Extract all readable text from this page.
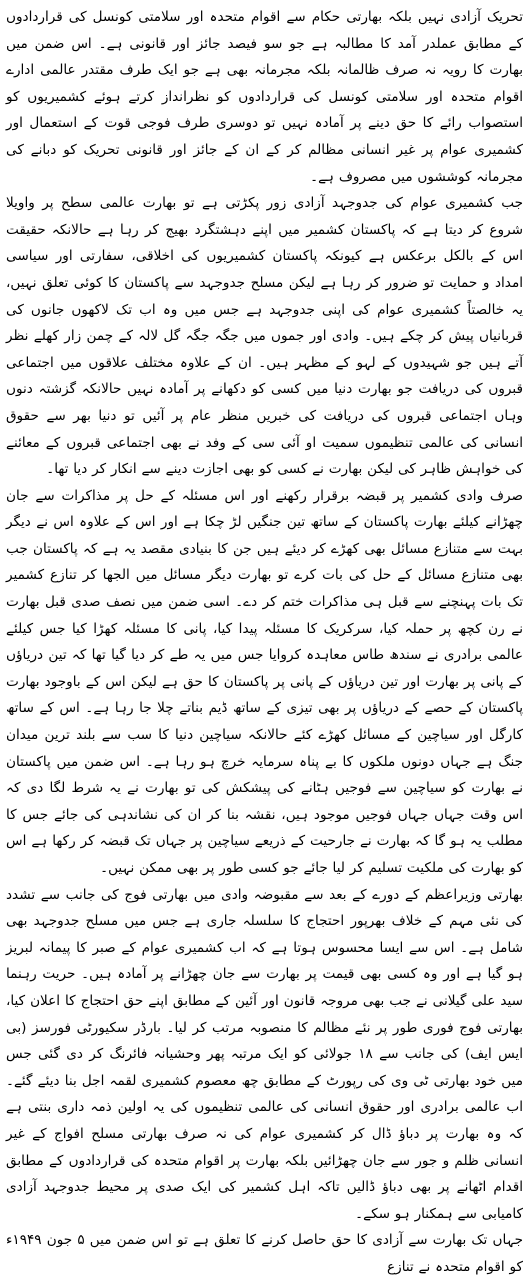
تحریک آزادی نہیں بلکہ بھارتی حکام سے اقوام متحدہ اور سلامتی کونسل کی قراردادوں کے مطابق عملدر آمد کا مطالبہ ہے جو سو فیصد جائز اور قانونی ہے۔ اس ضمن میں بھارت کا رویہ نہ صرف ظالمانہ بلکہ مجرمانہ بھی ہے جو ایک طرف مقتدر عالمی ادارے اقوام متحدہ اور سلامتی کونسل کی قراردادوں کو نظرانداز کرتے ہوئے کشمیریوں کو استصواب رائے کا حق دینے پر آمادہ نہیں تو دوسری طرف فوجی قوت کے استعمال اور کشمیری عوام پر غیر انسانی مظالم کر کے ان کے جائز اور قانونی تحریک کو دبانے کی مجرمانہ کوششوں میں مصروف ہے۔

جب کشمیری عوام کی جدوجہد آزادی زور پکڑتی ہے تو بھارت عالمی سطح پر واویلا شروع کر دیتا ہے کہ پاکستان کشمیر میں اپنے دہشتگرد بھیج کر رہا ہے حالانکہ حقیقت اس کے بالکل برعکس ہے کیونکہ پاکستان کشمیریوں کی اخلاقی، سفارتی اور سیاسی امداد و حمایت تو ضرور کر رہا ہے لیکن مسلح جدوجہد سے پاکستان کا کوئی تعلق نہیں، یہ خالصتاً کشمیری عوام کی اپنی جدوجہد ہے جس میں وہ اب تک لاکھوں جانوں کی قربانیاں پیش کر چکے ہیں۔ وادی اور جموں میں جگہ جگہ گل لالہ کے چمن زار کھلے نظر آتے ہیں جو شہیدوں کے لہو کے مظہر ہیں۔ ان کے علاوہ مختلف علاقوں میں اجتماعی قبروں کی دریافت جو بھارت دنیا میں کسی کو دکھانے پر آمادہ نہیں حالانکہ گزشتہ دنوں وہاں اجتماعی قبروں کی دریافت کی خبریں منظر عام پر آئیں تو دنیا بھر سے حقوق انسانی کی عالمی تنظیموں سمیت او آئی سی کے وفد نے بھی اجتماعی قبروں کے معائنے کی خواہش ظاہر کی لیکن بھارت نے کسی کو بھی اجازت دینے سے انکار کر دیا تھا۔

صرف وادی کشمیر پر قبضہ برقرار رکھنے اور اس مسئلہ کے حل پر مذاکرات سے جان چھڑانے کیلئے بھارت پاکستان کے ساتھ تین جنگیں لڑ چکا ہے اور اس کے علاوہ اس نے دیگر بہت سے متنازع مسائل بھی کھڑے کر دیئے ہیں جن کا بنیادی مقصد یہ ہے کہ پاکستان جب بھی متنازع مسائل کے حل کی بات کرے تو بھارت دیگر مسائل میں الجھا کر تنازع کشمیر تک بات پہنچنے سے قبل ہی مذاکرات ختم کر دے۔ اسی ضمن میں نصف صدی قبل بھارت نے رن کچھ پر حملہ کیا، سرکریک کا مسئلہ پیدا کیا، پانی کا مسئلہ کھڑا کیا جس کیلئے عالمی برادری نے سندھ طاس معاہدہ کروایا جس میں یہ طے کر دیا گیا تھا کہ تین دریاؤں کے پانی پر بھارت اور تین دریاؤں کے پانی پر پاکستان کا حق ہے لیکن اس کے باوجود بھارت پاکستان کے حصے کے دریاؤں پر بھی تیزی کے ساتھ ڈیم بناتے چلا جا رہا ہے۔ اس کے ساتھ کارگل اور سیاچین کے مسائل کھڑے کئے حالانکہ سیاچین دنیا کا سب سے بلند ترین میدان جنگ ہے جہاں دونوں ملکوں کا بے پناہ سرمایہ خرچ ہو رہا ہے۔ اس ضمن میں پاکستان نے بھارت کو سیاچین سے فوجیں ہٹانے کی پیشکش کی تو بھارت نے یہ شرط لگا دی کہ اس وقت جہاں جہاں فوجیں موجود ہیں، نقشہ بنا کر ان کی نشاندہی کی جائے جس کا مطلب یہ ہو گا کہ بھارت نے جارحیت کے ذریعے سیاچین پر جہاں تک قبضہ کر رکھا ہے اس کو بھارت کی ملکیت تسلیم کر لیا جائے جو کسی طور پر بھی ممکن نہیں۔

بھارتی وزیراعظم کے دورے کے بعد سے مقبوضہ وادی میں بھارتی فوج کی جانب سے تشدد کی نئی مہم کے خلاف بھرپور احتجاج کا سلسلہ جاری ہے جس میں مسلح جدوجہد بھی شامل ہے۔ اس سے ایسا محسوس ہوتا ہے کہ اب کشمیری عوام کے صبر کا پیمانہ لبریز ہو گیا ہے اور وہ کسی بھی قیمت پر بھارت سے جان چھڑانے پر آمادہ ہیں۔ حریت رہنما سید علی گیلانی نے جب بھی مروجہ قانون اور آئین کے مطابق اپنے حق احتجاج کا اعلان کیا، بھارتی فوج فوری طور پر نئے مظالم کا منصوبہ مرتب کر لیا۔ بارڈر سکیورٹی فورسز (بی ایس ایف) کی جانب سے ۱۸ جولائی کو ایک مرتبہ پھر وحشیانہ فائرنگ کر دی گئی جس میں خود بھارتی ٹی وی کی رپورٹ کے مطابق چھ معصوم کشمیری لقمہ اجل بنا دیئے گئے۔ اب عالمی برادری اور حقوق انسانی کی عالمی تنظیموں کی یہ اولین ذمہ داری بنتی ہے کہ وہ بھارت پر دباؤ ڈال کر کشمیری عوام کی نہ صرف بھارتی مسلح افواج کے غیر انسانی ظلم و جور سے جان چھڑائیں بلکہ بھارت پر اقوام متحدہ کی قراردادوں کے مطابق اقدام اٹھانے پر بھی دباؤ ڈالیں تاکہ اہل کشمیر کی ایک صدی پر محیط جدوجہد آزادی کامیابی سے ہمکنار ہو سکے۔

جہاں تک بھارت سے آزادی کا حق حاصل کرنے کا تعلق ہے تو اس ضمن میں ۵ جون ۱۹۴۹ء کو اقوام متحدہ نے تنازع
